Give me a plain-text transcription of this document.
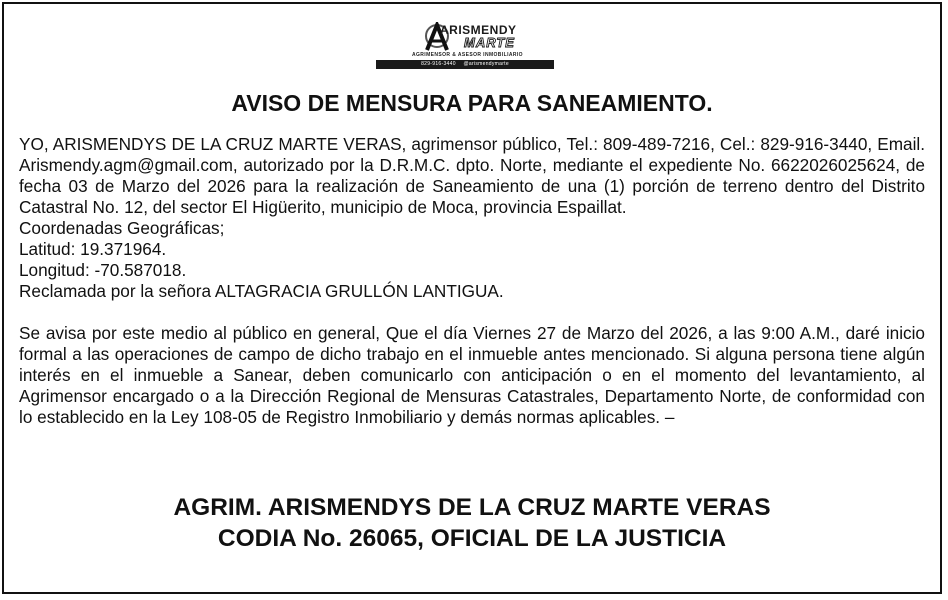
ARISMENDY
MARTE
AGRIMENSOR & ASESOR INMOBILIARIO
829-916-3440 @arismendymarte
AVISO DE MENSURA PARA SANEAMIENTO.

YO, ARISMENDYS DE LA CRUZ MARTE VERAS, agrimensor público, Tel.: 809-489-7216, Cel.: 829-916-3440, Email. Arismendy.agm@gmail.com, autorizado por la D.R.M.C. dpto. Norte, mediante el expediente No. 6622026025624, de fecha 03 de Marzo del 2026 para la realización de Saneamiento de una (1) porción de terreno dentro del Distrito Catastral No. 12, del sector El Higüerito, municipio de Moca, provincia Espaillat.

Coordenadas Geográficas;

Latitud: 19.371964.

Longitud: -70.587018.

Reclamada por la señora ALTAGRACIA GRULLÓN LANTIGUA.

Se avisa por este medio al público en general, Que el día Viernes 27 de Marzo del 2026, a las 9:00 A.M., daré inicio formal a las operaciones de campo de dicho trabajo en el inmueble antes mencionado. Si alguna persona tiene algún interés en el inmueble a Sanear, deben comunicarlo con anticipación o en el momento del levantamiento, al Agrimensor encargado o a la Dirección Regional de Mensuras Catastrales, Departamento Norte, de conformidad con lo establecido en la Ley 108-05 de Registro Inmobiliario y demás normas aplicables. –

AGRIM. ARISMENDYS DE LA CRUZ MARTE VERAS
CODIA No. 26065, OFICIAL DE LA JUSTICIA
